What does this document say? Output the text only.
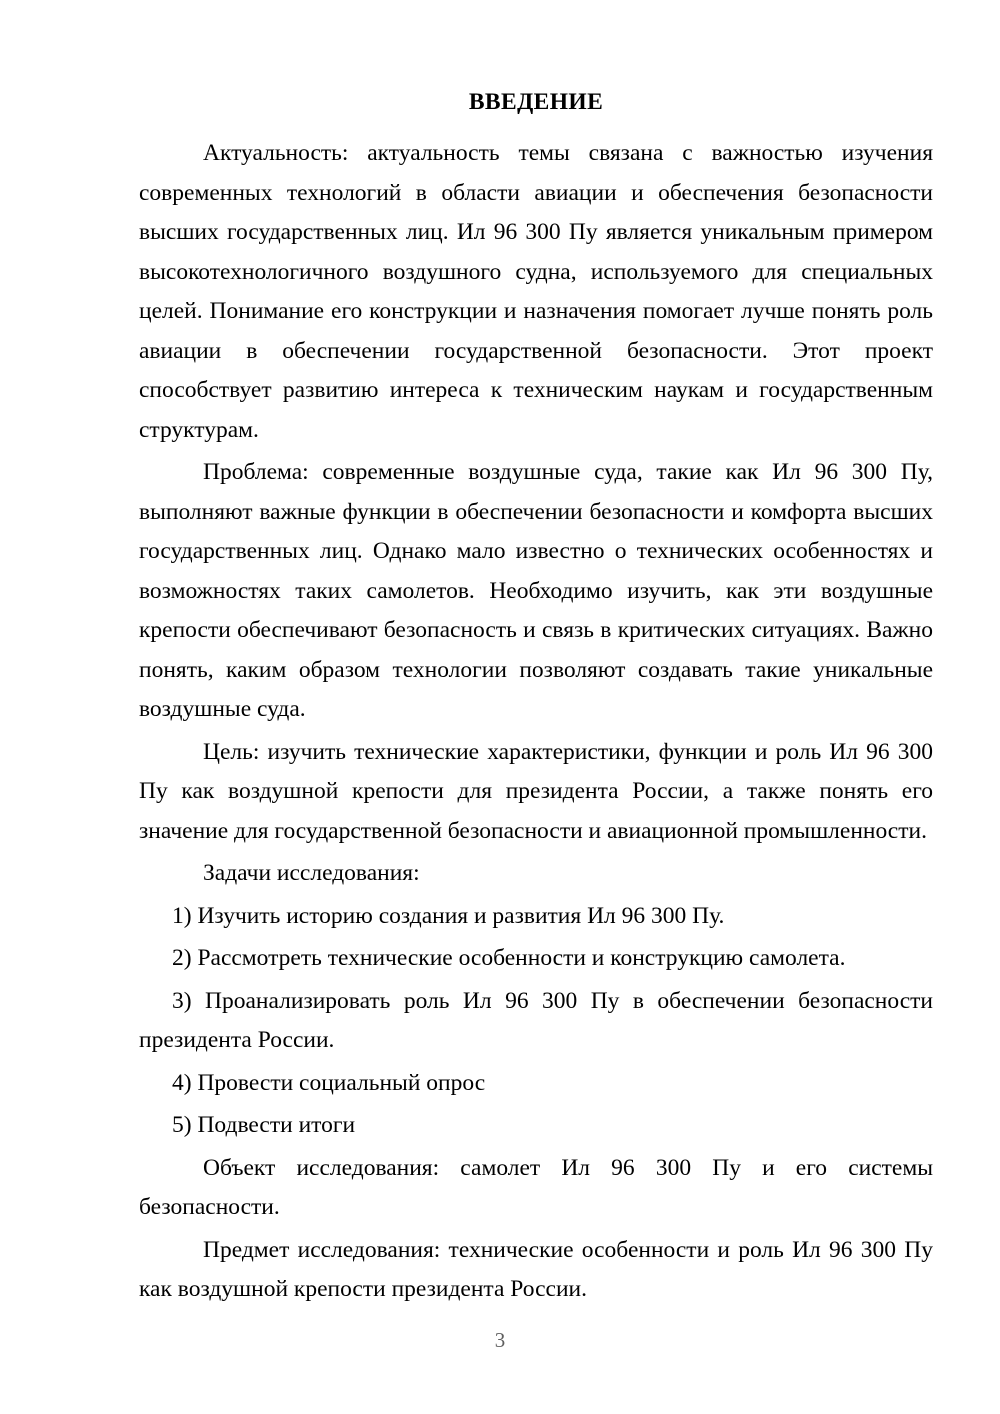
ВВЕДЕНИЕ

Актуальность: актуальность темы связана с важностью изучения современных технологий в области авиации и обеспечения безопасности высших государственных лиц. Ил 96 300 Пу является уникальным примером высокотехнологичного воздушного судна, используемого для специальных целей. Понимание его конструкции и назначения помогает лучше понять роль авиации в обеспечении государственной безопасности. Этот проект способствует развитию интереса к техническим наукам и государственным структурам.

Проблема: современные воздушные суда, такие как Ил 96 300 Пу, выполняют важные функции в обеспечении безопасности и комфорта высших государственных лиц. Однако мало известно о технических особенностях и возможностях таких самолетов. Необходимо изучить, как эти воздушные крепости обеспечивают безопасность и связь в критических ситуациях. Важно понять, каким образом технологии позволяют создавать такие уникальные воздушные суда.

Цель: изучить технические характеристики, функции и роль Ил 96 300 Пу как воздушной крепости для президента России, а также понять его значение для государственной безопасности и авиационной промышленности.

Задачи исследования:

1) Изучить историю создания и развития Ил 96 300 Пу.

2) Рассмотреть технические особенности и конструкцию самолета.

3) Проанализировать роль Ил 96 300 Пу в обеспечении безопасности президента России.

4) Провести социальный опрос

5) Подвести итоги

Объект исследования: самолет Ил 96 300 Пу и его системы безопасности.

Предмет исследования: технические особенности и роль Ил 96 300 Пу как воздушной крепости президента России.

3
